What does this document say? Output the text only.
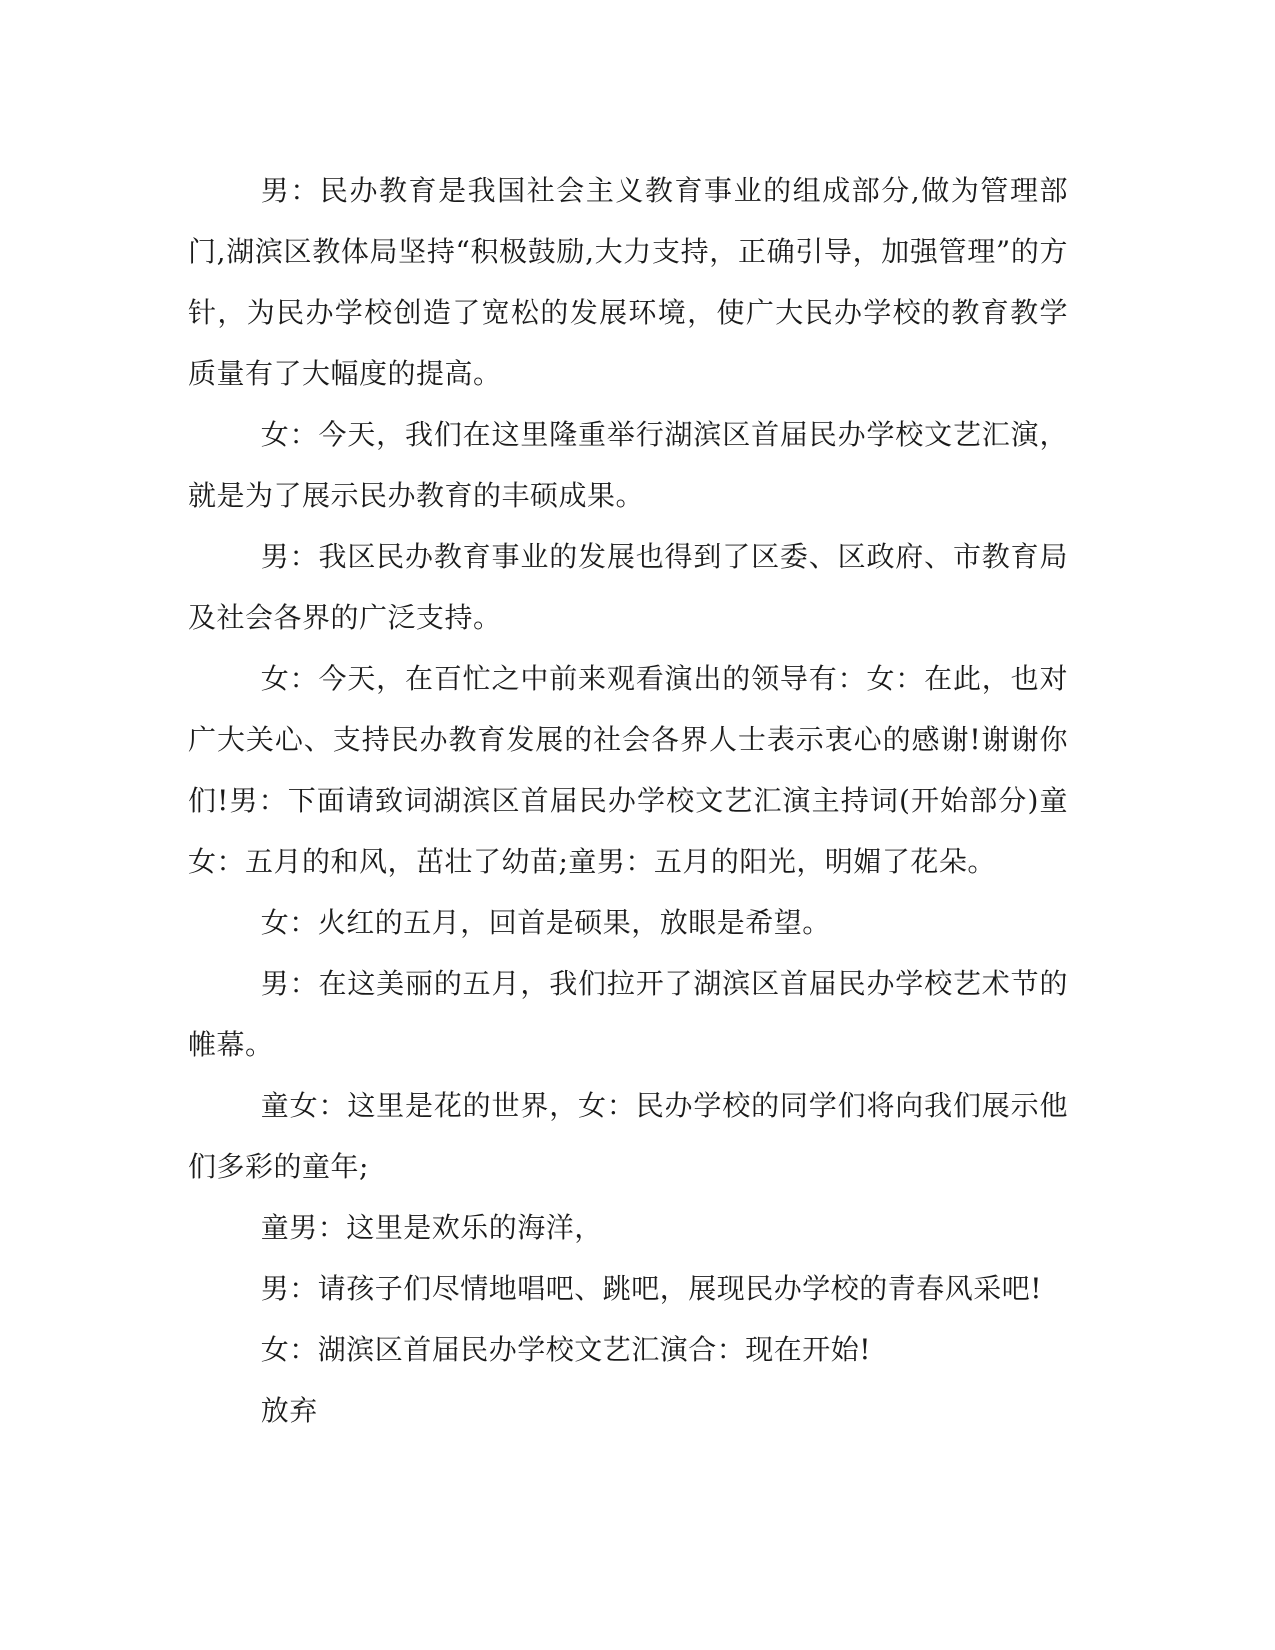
男：民办教育是我国社会主义教育事业的组成部分,做为管理部门,湖滨区教体局坚持“积极鼓励,大力支持，正确引导，加强管理”的方针，为民办学校创造了宽松的发展环境，使广大民办学校的教育教学质量有了大幅度的提高。

女：今天，我们在这里隆重举行湖滨区首届民办学校文艺汇演，就是为了展示民办教育的丰硕成果。

男：我区民办教育事业的发展也得到了区委、区政府、市教育局及社会各界的广泛支持。

女：今天，在百忙之中前来观看演出的领导有：女：在此，也对广大关心、支持民办教育发展的社会各界人士表示衷心的感谢!谢谢你们!男：下面请致词湖滨区首届民办学校文艺汇演主持词(开始部分)童女：五月的和风，茁壮了幼苗;童男：五月的阳光，明媚了花朵。

女：火红的五月，回首是硕果，放眼是希望。

男：在这美丽的五月，我们拉开了湖滨区首届民办学校艺术节的帷幕。

童女：这里是花的世界，女：民办学校的同学们将向我们展示他们多彩的童年;

童男：这里是欢乐的海洋，

男：请孩子们尽情地唱吧、跳吧，展现民办学校的青春风采吧!

女：湖滨区首届民办学校文艺汇演合：现在开始!

放弃
